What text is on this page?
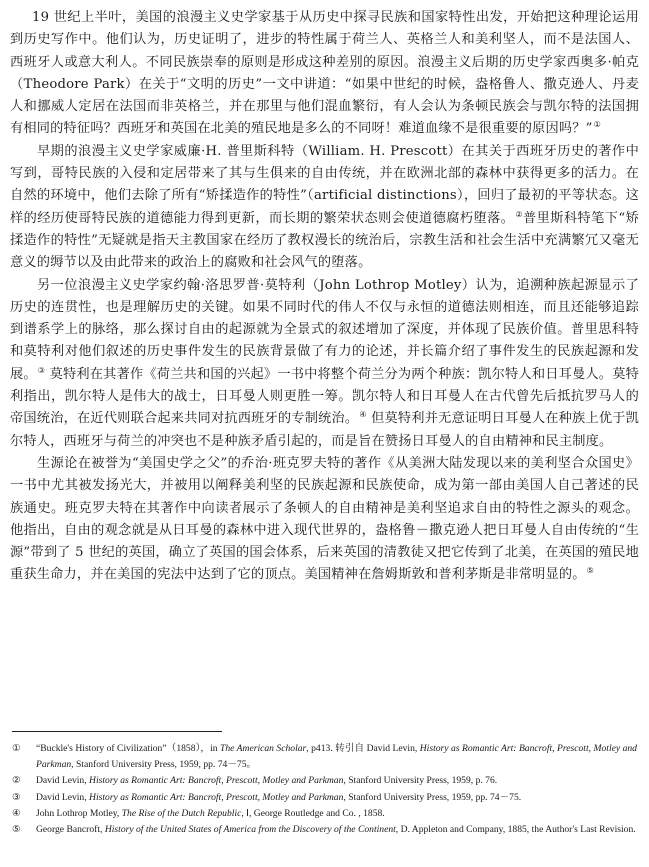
19 世纪上半叶，美国的浪漫主义史学家基于从历史中探寻民族和国家特性出发，开始把这种理论运用到历史写作中。他们认为，历史证明了，进步的特性属于荷兰人、英格兰人和美利坚人，而不是法国人、西班牙人或意大利人。不同民族崇奉的原则是形成这种差别的原因。浪漫主义后期的历史学家西奥多·帕克（Theodore Park）在关于“文明的历史”一文中讲道：“如果中世纪的时候，盎格鲁人、撒克逊人、丹麦人和挪威人定居在法国而非英格兰，并在那里与他们混血繁衍，有人会认为条顿民族会与凯尔特的法国拥有相同的特征吗？西班牙和英国在北美的殖民地是多么的不同呀！难道血缘不是很重要的原因吗？”①

早期的浪漫主义史学家威廉·H. 普里斯科特（William. H. Prescott）在其关于西班牙历史的著作中写到，哥特民族的入侵和定居带来了其与生俱来的自由传统，并在欧洲北部的森林中获得更多的活力。在自然的环境中，他们去除了所有“矫揉造作的特性”（artificial distinctions），回归了最初的平等状态。这样的经历使哥特民族的道德能力得到更新，而长期的繁荣状态则会使道德腐朽堕落。②普里斯科特笔下“矫揉造作的特性”无疑就是指天主教国家在经历了教权漫长的统治后，宗教生活和社会生活中充满繁冗又毫无意义的缛节以及由此带来的政治上的腐败和社会风气的堕落。

另一位浪漫主义史学家约翰·洛思罗普·莫特利（John Lothrop Motley）认为，追溯种族起源显示了历史的连贯性，也是理解历史的关键。如果不同时代的伟人不仅与永恒的道德法则相连，而且还能够追踪到谱系学上的脉络，那么探讨自由的起源就为全景式的叙述增加了深度，并体现了民族价值。普里思科特和莫特利对他们叙述的历史事件发生的民族背景做了有力的论述，并长篇介绍了事件发生的民族起源和发展。③ 莫特利在其著作《荷兰共和国的兴起》一书中将整个荷兰分为两个种族：凯尔特人和日耳曼人。莫特利指出，凯尔特人是伟大的战士，日耳曼人则更胜一筹。凯尔特人和日耳曼人在古代曾先后抵抗罗马人的帝国统治，在近代则联合起来共同对抗西班牙的专制统治。④ 但莫特利并无意证明日耳曼人在种族上优于凯尔特人，西班牙与荷兰的冲突也不是种族矛盾引起的，而是旨在赞扬日耳曼人的自由精神和民主制度。

生源论在被誉为“美国史学之父”的乔治·班克罗夫特的著作《从美洲大陆发现以来的美利坚合众国史》一书中尤其被发扬光大，并被用以阐释美利坚的民族起源和民族使命，成为第一部由美国人自己著述的民族通史。班克罗夫特在其著作中向读者展示了条顿人的自由精神是美利坚追求自由的特性之源头的观念。他指出，自由的观念就是从日耳曼的森林中进入现代世界的，盎格鲁－撒克逊人把日耳曼人自由传统的“生源”带到了 5 世纪的英国，确立了英国的国会体系，后来英国的清教徒又把它传到了北美，在英国的殖民地重获生命力，并在美国的宪法中达到了它的顶点。美国精神在詹姆斯敦和普利茅斯是非常明显的。⑤

①	“Buckle's History of Civilization”（1858），in The American Scholar, p413. 转引自 David Levin, History as Romantic Art: Bancroft, Prescott, Motley and Parkman, Stanford University Press, 1959, pp. 74－75。
②	David Levin, History as Romantic Art: Bancroft, Prescott, Motley and Parkman, Stanford University Press, 1959, p. 76.
③	David Levin, History as Romantic Art: Bancroft, Prescott, Motley and Parkman, Stanford University Press, 1959, pp. 74－75.
④	John Lothrop Motley, The Rise of the Dutch Republic, Ⅰ, George Routledge and Co. , 1858.
⑤	George Bancroft, History of the United States of America from the Discovery of the Continent, D. Appleton and Company, 1885, the Author's Last Revision.
